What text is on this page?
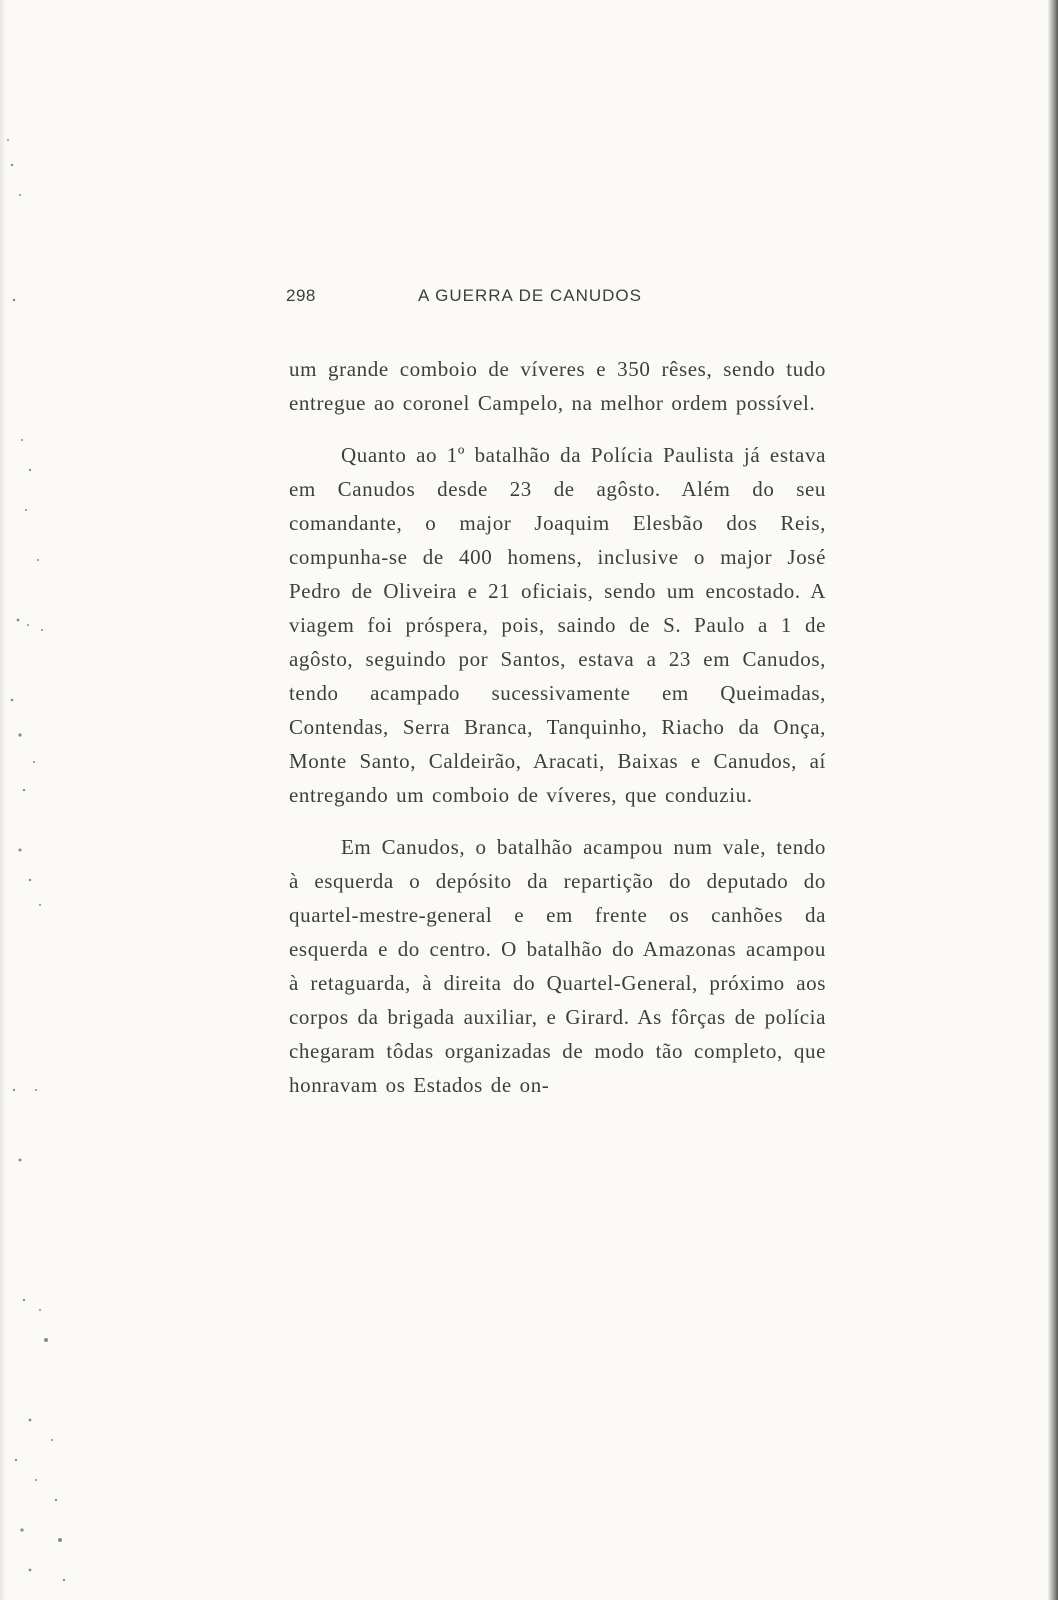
298	A GUERRA DE CANUDOS

um grande comboio de víveres e 350 rêses, sendo tudo entregue ao coronel Campelo, na melhor ordem possível.

Quanto ao 1º batalhão da Polícia Paulista já estava em Canudos desde 23 de agôsto. Além do seu comandante, o major Joaquim Elesbão dos Reis, compunha-se de 400 homens, inclusive o major José Pedro de Oliveira e 21 oficiais, sendo um encostado. A viagem foi próspera, pois, saindo de S. Paulo a 1 de agôsto, seguindo por Santos, estava a 23 em Canudos, tendo acampado sucessivamente em Queimadas, Contendas, Serra Branca, Tanquinho, Riacho da Onça, Monte Santo, Caldeirão, Aracati, Baixas e Canudos, aí entregando um comboio de víveres, que conduziu.

Em Canudos, o batalhão acampou num vale, tendo à esquerda o depósito da repartição do deputado do quartel-mestre-general e em frente os canhões da esquerda e do centro. O batalhão do Amazonas acampou à retaguarda, à direita do Quartel-General, próximo aos corpos da brigada auxiliar, e Girard. As fôrças de polícia chegaram tôdas organizadas de modo tão completo, que honravam os Estados de on-
